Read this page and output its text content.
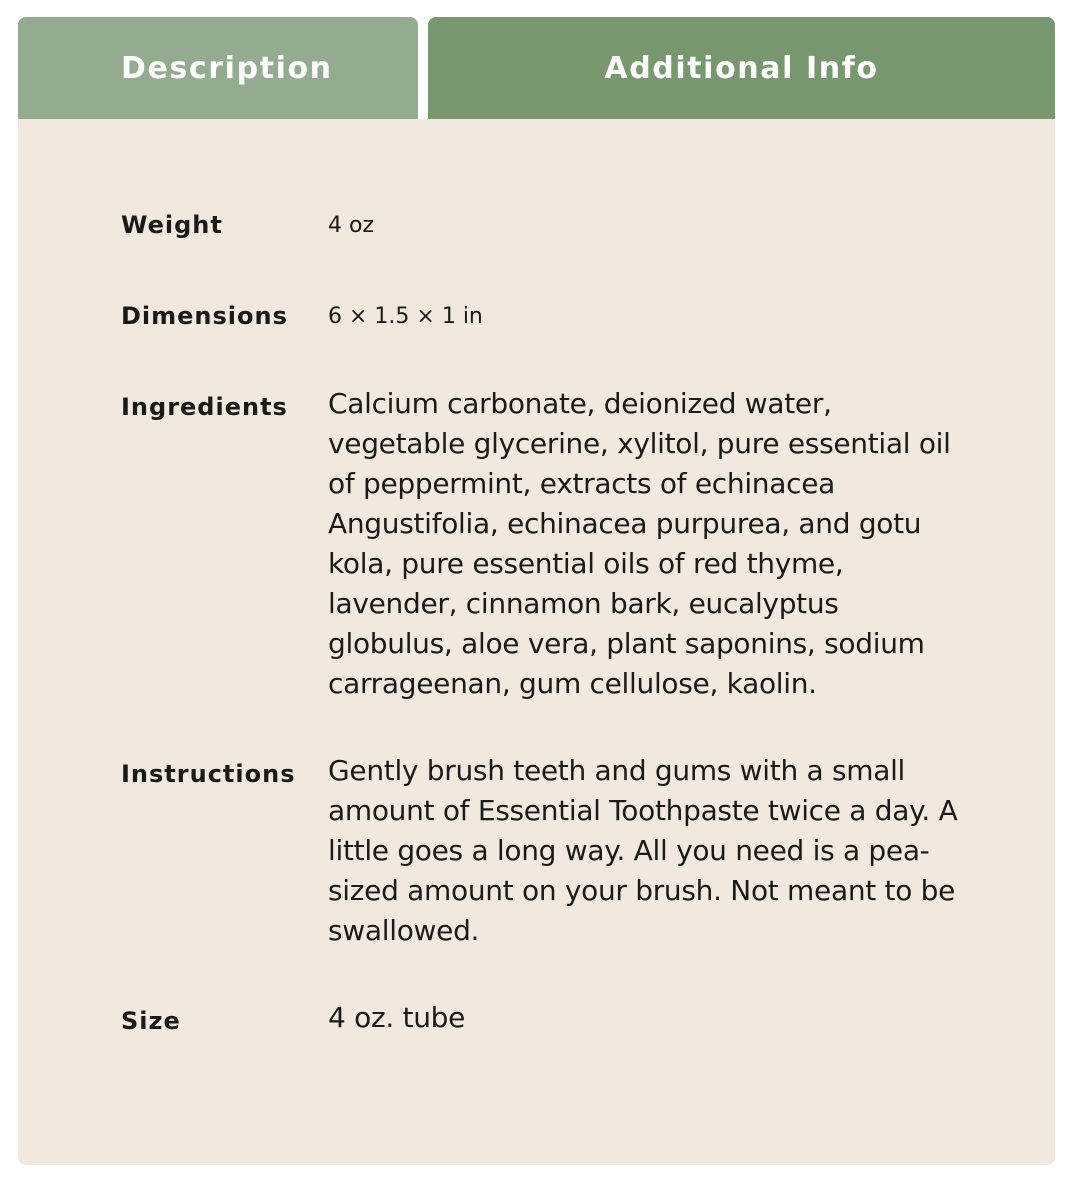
Description	Additional Info
Weight	4 oz
Dimensions 6 × 1.5 × 1 in
Ingredients Calcium carbonate, deionized water, vegetable glycerine, xylitol, pure essential oil of peppermint, extracts of echinacea Angustifolia, echinacea purpurea, and gotu kola, pure essential oils of red thyme, lavender, cinnamon bark, eucalyptus globulus, aloe vera, plant saponins, sodium carrageenan, gum cellulose, kaolin.
Instructions Gently brush teeth and gums with a small amount of Essential Toothpaste twice a day. A little goes a long way. All you need is a pea-sized amount on your brush. Not meant to be swallowed.
Size	4 oz. tube
